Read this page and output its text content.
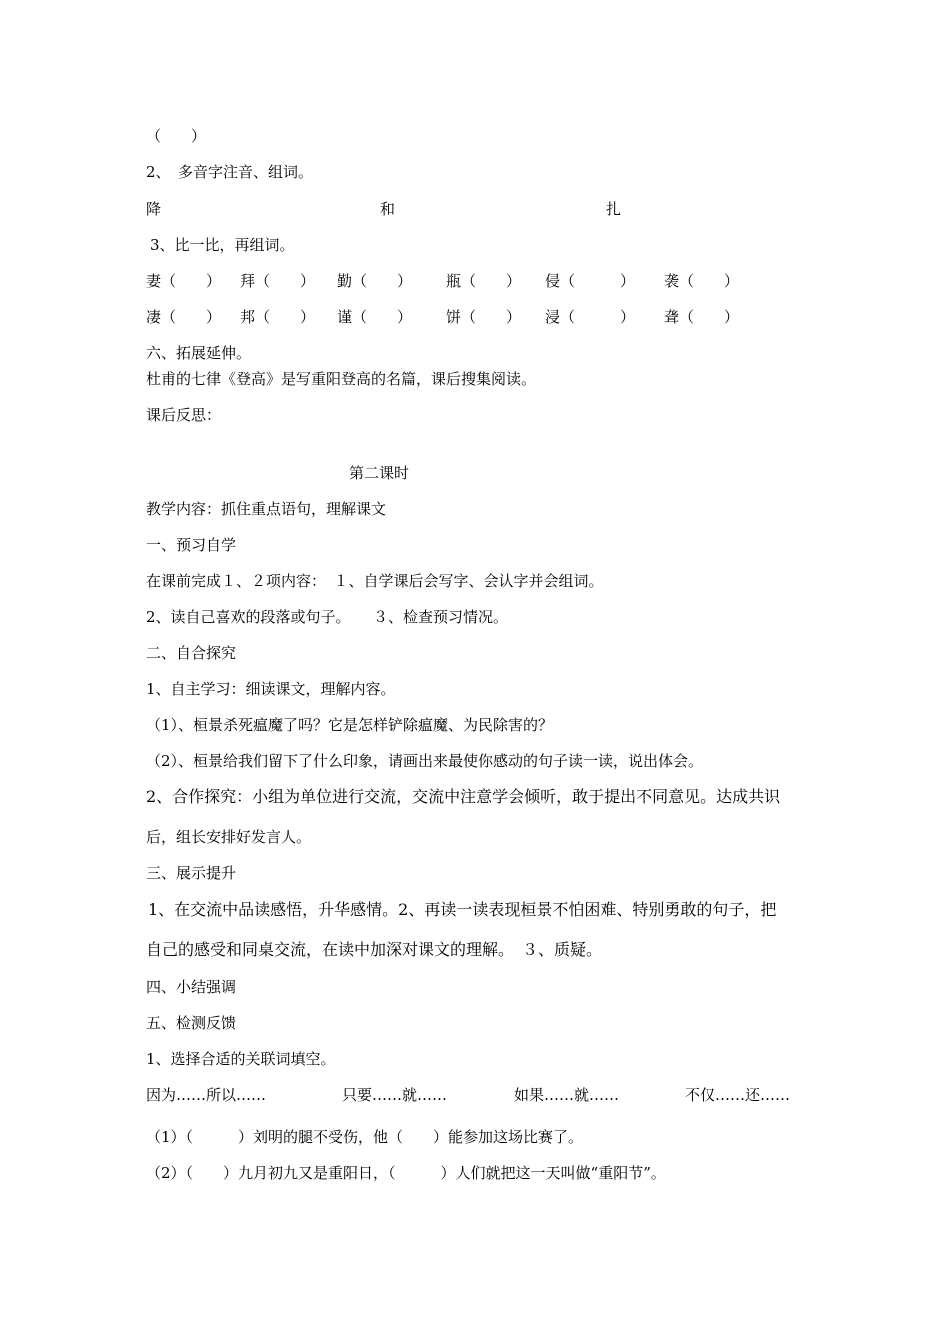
（　　）
2、　多音字注音、组词。
降	和	扎
3、比一比，再组词。
妻（　　） 拜（　　） 勤（　　） 瓶（　　） 侵（　　　） 袭（　　）
凄（　　） 邦（　　） 谨（　　） 饼（　　） 浸（　　　） 聋（　　）
六、拓展延伸。
杜甫的七律《登高》是写重阳登高的名篇，课后搜集阅读。
课后反思：
第二课时
教学内容：抓住重点语句，理解课文
一、预习自学
在课前完成１、２项内容：　１、自学课后会写字、会认字并会组词。
2、读自己喜欢的段落或句子。　　３、检查预习情况。
二、自合探究
1、自主学习：细读课文，理解内容。
（1）、桓景杀死瘟魔了吗？它是怎样铲除瘟魔、为民除害的？
（2）、桓景给我们留下了什么印象，请画出来最使你感动的句子读一读，说出体会。
2、合作探究：小组为单位进行交流，交流中注意学会倾听，敢于提出不同意见。达成共识
后，组长安排好发言人。
三、展示提升
1、在交流中品读感悟，升华感情。2、再读一读表现桓景不怕困难、特别勇敢的句子，把
自己的感受和同桌交流，在读中加深对课文的理解。　３、质疑。
四、小结强调
五、检测反馈
1、选择合适的关联词填空。
因为……所以……	只要……就……	如果……就……	不仅……还……
（1）（　　　）刘明的腿不受伤，他（　　）能参加这场比赛了。
（2）（　　）九月初九又是重阳日，（　　　）人们就把这一天叫做“重阳节”。
